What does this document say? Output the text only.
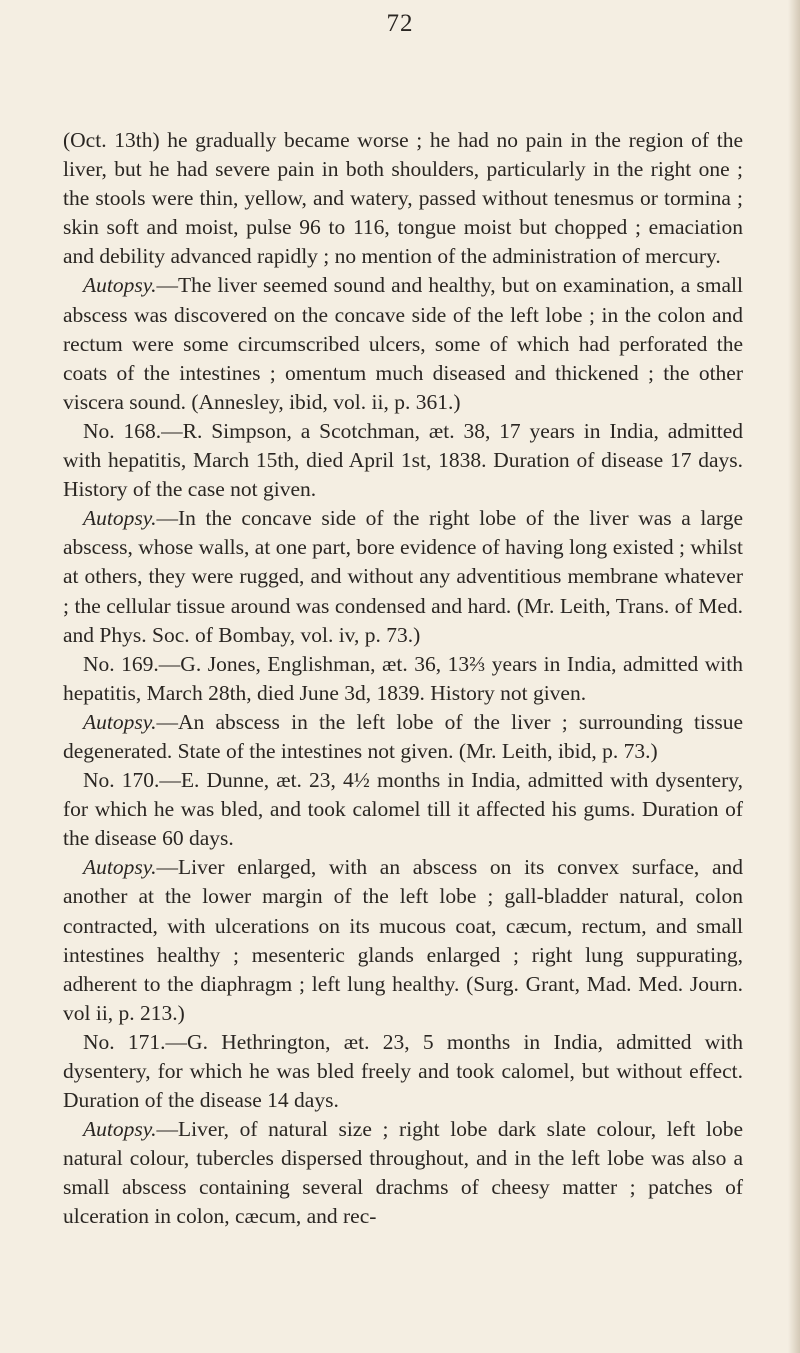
72

(Oct. 13th) he gradually became worse ; he had no pain in the region of the liver, but he had severe pain in both shoulders, particularly in the right one ; the stools were thin, yellow, and watery, passed without tenesmus or tormina ; skin soft and moist, pulse 96 to 116, tongue moist but chopped ; emaciation and debility advanced rapidly ; no mention of the administration of mercury.

Autopsy.—The liver seemed sound and healthy, but on examination, a small abscess was discovered on the concave side of the left lobe ; in the colon and rectum were some circumscribed ulcers, some of which had perforated the coats of the intestines ; omentum much diseased and thickened ; the other viscera sound. (Annesley, ibid, vol. ii, p. 361.)

No. 168.—R. Simpson, a Scotchman, æt. 38, 17 years in India, admitted with hepatitis, March 15th, died April 1st, 1838. Duration of disease 17 days. History of the case not given.

Autopsy.—In the concave side of the right lobe of the liver was a large abscess, whose walls, at one part, bore evidence of having long existed ; whilst at others, they were rugged, and without any adventitious membrane whatever ; the cellular tissue around was condensed and hard. (Mr. Leith, Trans. of Med. and Phys. Soc. of Bombay, vol. iv, p. 73.)

No. 169.—G. Jones, Englishman, æt. 36, 13⅔ years in India, admitted with hepatitis, March 28th, died June 3d, 1839. History not given.

Autopsy.—An abscess in the left lobe of the liver ; surrounding tissue degenerated. State of the intestines not given. (Mr. Leith, ibid, p. 73.)

No. 170.—E. Dunne, æt. 23, 4½ months in India, admitted with dysentery, for which he was bled, and took calomel till it affected his gums. Duration of the disease 60 days.

Autopsy.—Liver enlarged, with an abscess on its convex surface, and another at the lower margin of the left lobe ; gall-bladder natural, colon contracted, with ulcerations on its mucous coat, cæcum, rectum, and small intestines healthy ; mesenteric glands enlarged ; right lung suppurating, adherent to the diaphragm ; left lung healthy. (Surg. Grant, Mad. Med. Journ. vol ii, p. 213.)

No. 171.—G. Hethrington, æt. 23, 5 months in India, admitted with dysentery, for which he was bled freely and took calomel, but without effect. Duration of the disease 14 days.

Autopsy.—Liver, of natural size ; right lobe dark slate colour, left lobe natural colour, tubercles dispersed throughout, and in the left lobe was also a small abscess containing several drachms of cheesy matter ; patches of ulceration in colon, cæcum, and rec-
